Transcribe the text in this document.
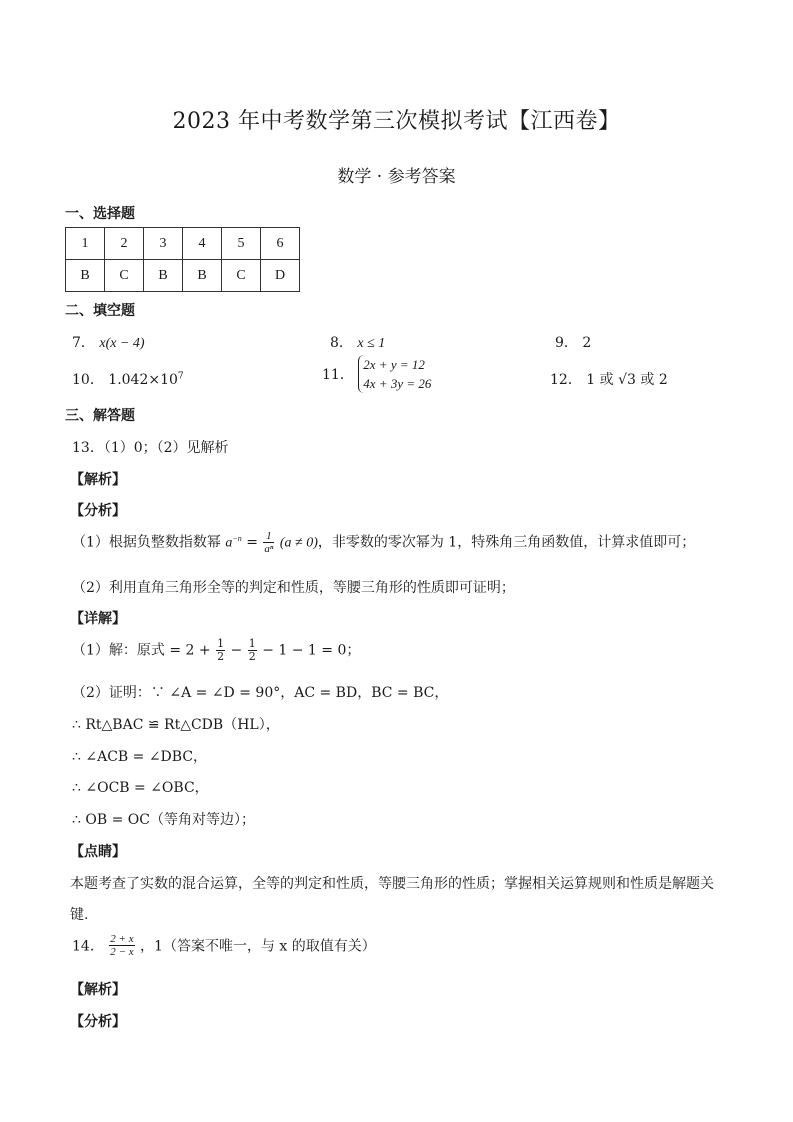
2023 年中考数学第三次模拟考试【江西卷】
数学 · 参考答案
一、选择题
1	2	3	4	5	6
B	C	B	B	C	D
二、填空题
7． x(x − 4)	8． x ≤ 1	9． 2
10． $1.042\times 10^7$	11．
2x + y = 12
4x + 3y = 26	12． 1 或 √3 或 2
三、解答题
13．（1）0；（2）见解析
【解析】
【分析】
（1）根据负整数指数幂 $a^{-n} = \frac{1}{\text{aⁿ}} (a \ne 0)$，非零数的零次幂为 1，特殊角三角函数值，计算求值即可；
（2）利用直角三角形全等的判定和性质，等腰三角形的性质即可证明；
【详解】
（1）解：原式 = $2 + \frac{1}{2} - \frac{1}{2} - 1 - 1 = 0$；
（2）证明：∵ ∠A = ∠D = 90°，AC = BD，BC = BC，
∴ Rt△BAC ≌ Rt△CDB（HL），
∴ ∠ACB = ∠DBC，
∴ ∠OCB = ∠OBC，
∴ OB = OC（等角对等边）；
【点睛】
本题考查了实数的混合运算，全等的判定和性质，等腰三角形的性质；掌握相关运算规则和性质是解题关
键.
14． $\frac{2 + x}{2 - x}$ ，1（答案不唯一，与 x 的取值有关）
【解析】
【分析】
